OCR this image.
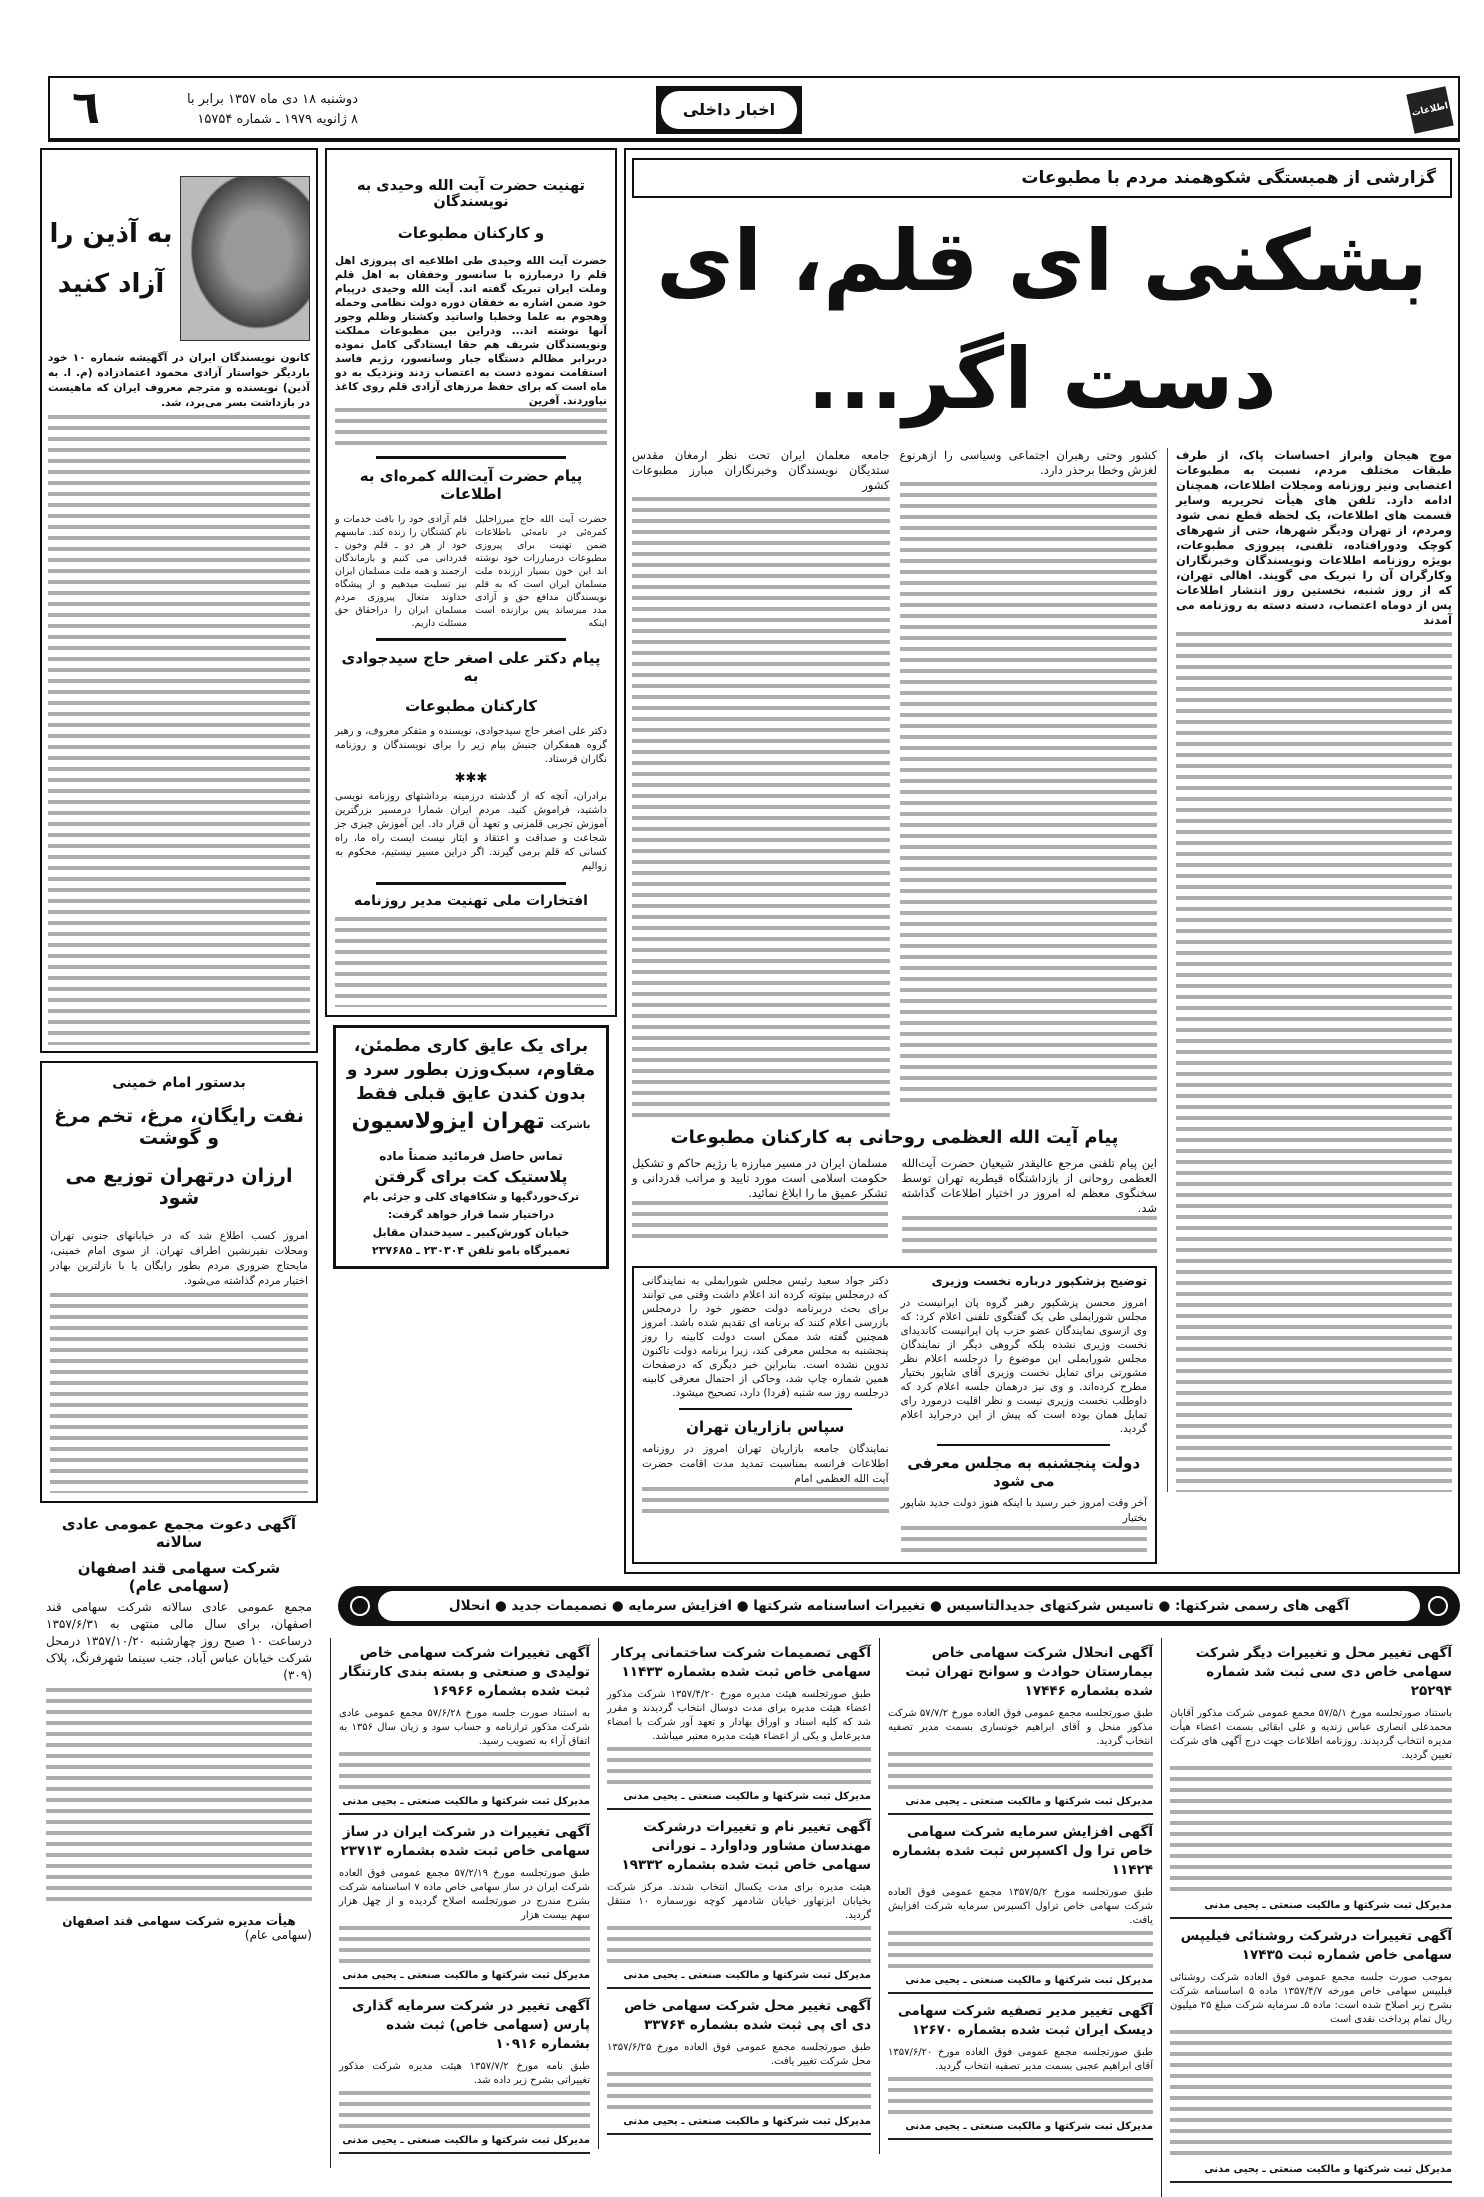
٦	دوشنبه ۱۸ دی ماه ۱۳۵۷ برابر با
۸ ژانویه ۱۹۷۹ ـ شماره ۱۵۷۵۴
اخبار داخلی	اطلاعات
گزارشی از همبستگی شکوهمند مردم با مطبوعات
بشکنی ای قلم، ای دست اگر...
موج هیجان وابراز احساسات پاک، از طرف طبقات مختلف مردم، نسبت به مطبوعات اعتصابی ونیز روزنامه ومجلات اطلاعات، همچنان ادامه دارد. تلفن های هیأت تحریریه وسایر قسمت های اطلاعات، یک لحظه قطع نمی شود ومردم، از تهران ودیگر شهرها، حتی از شهرهای کوچک ودورافتاده، تلفنی، پیروزی مطبوعات، بویژه روزنامه اطلاعات ونویسندگان وخبرنگاران وکارگران آن را تبریک می گویند. اهالی تهران، که از روز شنبه، نخستین روز انتشار اطلاعات پس از دوماه اعتصاب، دسته دسته به روزنامه می آمدند
کشور وحتی رهبران اجتماعی وسیاسی را ازهرنوع لغزش وخطا برحذر دارد.
جامعه معلمان ایران تحت نظر ارمغان مقدس ستدیگان نویسندگان وخبرنگاران مبارز مطبوعات کشور
پیام آیت الله العظمی روحانی به کارکنان مطبوعات
این پیام تلفنی مرجع عالیقدر شیعیان حضرت آیت‌الله العظمی روحانی از بازداشتگاه قیطریه تهران توسط سخنگوی معظم له امروز در اختیار اطلاعات گذاشته شد.
مسلمان ایران در مسیر مبارزه با رژیم حاکم و تشکیل حکومت اسلامی است مورد تایید و مراتب قدردانی و تشکر عمیق ما را ابلاغ نمائید.
توضیح پزشکپور درباره نخست وزیری
امروز محسن پزشکپور رهبر گروه پان ایرانیست در مجلس شورایملی طی یک گفتگوی تلفنی اعلام کرد: که وی ازسوی نمایندگان عضو حزب پان ایرانیست کاندیدای نخست وزیری نشده بلکه گروهی دیگر از نمایندگان مجلس شورایملی این موضوع را درجلسه اعلام نظر مشورتی برای تمایل نخست وزیری آقای شاپور بختیار مطرح کرده‌اند. و وی نیز درهمان جلسه اعلام کرد که داوطلب نخست وزیری نیست و نظر اقلیت درمورد رای تمایل همان بوده است که پیش از این درجراید اعلام گردید.
دولت پنجشنبه به مجلس معرفی می شود
آخر وقت امروز خبر رسید با اینکه هنوز دولت جدید شاپور بختیار
دکتر جواد سعید رئیس مجلس شورایملی به نمایندگانی که درمجلس بیتوته کرده اند اعلام داشت وقتی می توانند برای بحث دربرنامه دولت حضور خود را درمجلس بازرسی اعلام کنند که برنامه ای تقدیم شده باشد. امروز همچنین گفته شد ممکن است دولت کابینه را روز پنجشنبه به مجلس معرفی کند، زیرا برنامه دولت تاکنون تدوین نشده است. بنابراین خبر دیگری که درصفحات همین شماره چاپ شد، وحاکی از احتمال معرفی کابینه درجلسه روز سه شنبه (فردا) دارد، تصحیح میشود.
سپاس بازاریان تهران
نمایندگان جامعه بازاریان تهران امروز در روزنامه اطلاعات فرانسه بمناسبت تمدید مدت اقامت حضرت آیت الله العظمی امام
به آذین را
آزاد کنید
کانون نویسندگان ایران در آگهیشه شماره ۱۰ خود باردیگر خواستار آزادی محمود اعتمادزاده (م. ا. به آذین) نویسنده و مترجم معروف ایران که ماهیست در بازداشت بسر می‌برد، شد.
بدستور امام خمینی
نفت رایگان، مرغ، تخم مرغ و گوشت
ارزان درتهران توزیع می شود
امروز کسب اطلاع شد که در خیابانهای جنوبی تهران ومحلات نفیرنشین اطراف تهران. از سوی امام خمینی، مایحتاج ضروری مردم بطور رایگان یا با نازلترین بهادر اختیار مردم گذاشته می‌شود.
آگهی دعوت مجمع عمومی عادی سالانه
شرکت سهامی قند اصفهان (سهامی عام)
مجمع عمومی عادی سالانه شرکت سهامی قند اصفهان، برای سال مالی منتهی به ۱۳۵۷/۶/۳۱ درساعت ۱۰ صبح روز چهارشنبه ۱۳۵۷/۱۰/۲۰ درمحل شرکت خیابان عباس آباد، جنب سینما شهرفرنگ، پلاک (۳۰۹)
هیأت مدیره شرکت سهامی قند اصفهان
(سهامی عام)
تهنیت حضرت آیت الله وحیدی به نویسندگان
و کارکنان مطبوعات
حضرت آیت الله وحیدی طی اطلاعیه ای پیروزی اهل قلم را درمبارزه با سانسور وخفقان به اهل قلم وملت ایران تبریک گفته اند. آیت الله وحیدی درپیام خود ضمن اشاره به خفقان دوره دولت نظامی وحمله وهجوم به علما وخطبا واساتید وکشتار وظلم وجور آنها نوشته اند... ودراین بین مطبوعات مملکت ونویسندگان شریف هم حقا ایستادگی کامل نموده دربرابر مظالم دستگاه جبار وسانسور، رژیم فاسد استقامت نموده دست به اعتصاب زدند ونزدیک به دو ماه است که برای حفظ مرزهای آزادی قلم روی کاغذ نیاوردند. آفرین
پیام حضرت آیت‌الله کمره‌ای به اطلاعات
حضرت آیت الله حاج میرزاخلیل کمره‌ئی در نامه‌ئی باطلاعات ضمن تهنیت برای پیروزی مطبوعات درمبارزات خود نوشته اند این خون بسیار ارزنده ملت مسلمان ایران است که به قلم نویسندگان مدافع حق و آزادی مدد میرساند پس برازنده است اینکه
قلم آزادی خود را بافت خدمات و نام کشتگان را زنده کند. مابسهم خود از هر دو ـ قلم وخون ـ قدردانی می کنیم و بازماندگان ارجمند و همه ملت مسلمان ایران نیز تسلیت میدهیم و از پیشگاه خداوند متعال پیروزی مردم مسلمان ایران را دراحقاق حق مسئلت داریم.
پیام دکتر علی اصغر حاج سیدجوادی به
کارکنان مطبوعات
دکتر علی اصغر حاج سیدجوادی، نویسنده و متفکر معروف، و رهبر گروه همفکران جنبش پیام زیر را برای نویسندگان و روزنامه نگاران فرستاد.
✱✱✱
برادران، آنچه که از گذشته درزمینه برداشتهای روزنامه نویسی داشتید، فراموش کنید. مردم ایران شمارا درمسیر بزرگترین آموزش تجربی قلمزنی و تعهد آن قرار داد. این آموزش چیزی جز شجاعت و صداقت و اعتقاد و ایثار نیست ایست راه ما، راه کسانی که قلم برمی گیرند. اگر دراین مسیر نیستیم، محکوم به زوالیم
افتخارات ملی تهنیت مدیر روزنامه
برای یک عایق کاری مطمئن،
مقاوم، سبک‌وزن بطور سرد و
بدون کندن عایق قبلی فقط
باشرکت تهران ایزولاسیون
تماس حاصل فرمائید ضمناً ماده
پلاستیک کت برای گرفتن
ترک‌خوردگیها و شکافهای کلی و جزئی بام
دراختیار شما قرار خواهد گرفت:
خیابان کورش‌کبیر ـ سیدخندان مقابل
تعمیرگاه بامو تلفن ۲۳۰۳۰۴ ـ ۲۳۷۶۸۵
آگهی های رسمی شرکتها: ● تاسیس شرکتهای جدیدالتاسیس ● تغییرات اساسنامه شرکتها ● افزایش سرمایه ● تصمیمات جدید ● انحلال
آگهی تغییر محل و تغییرات دیگر شرکت سهامی خاص دی سی ثبت شد شماره ۲۵۲۹۴
باستناد صورتجلسه مورخ ۵۷/۵/۱ مجمع عمومی شرکت مذکور آقایان محمدعلی انصاری عباس زندیه و علی ابقائی بسمت اعضاء هیأت مدیره انتخاب گردیدند. روزنامه اطلاعات جهت درج آگهی های شرکت تعیین گردید.
مدیرکل ثبت شرکتها و مالکیت صنعتی ـ یحیی مدنی
آگهی تغییرات درشرکت روشنائی فیلیپس سهامی خاص شماره ثبت ۱۷۴۳۵
بموجب صورت جلسه مجمع عمومی فوق العاده شرکت روشنائی فیلیپس سهامی خاص مورخه ۱۳۵۷/۴/۷ ماده ۵ اساسنامه شرکت بشرح زیر اصلاح شده است: ماده ۵ـ سرمایه شرکت مبلغ ۲۵ میلیون ریال تمام پرداخت نقدی است
مدیرکل ثبت شرکتها و مالکیت صنعتی ـ یحیی مدنی
آگهی انحلال شرکت سهامی خاص بیمارستان حوادث و سوانح تهران ثبت شده بشماره ۱۷۴۴۶
طبق صورتجلسه مجمع عمومی فوق العاده مورخ ۵۷/۷/۲ شرکت مذکور منحل و آقای ابراهیم خونساری بسمت مدیر تصفیه انتخاب گردید.
مدیرکل ثبت شرکتها و مالکیت صنعتی ـ یحیی مدنی
آگهی افزایش سرمایه شرکت سهامی خاص ترا ول اکسپرس ثبت شده بشماره ۱۱۴۲۴
طبق صورتجلسه مورخ ۱۳۵۷/۵/۲ مجمع عمومی فوق العاده شرکت سهامی خاص تراول اکسپرس سرمایه شرکت افزایش یافت.
مدیرکل ثبت شرکتها و مالکیت صنعتی ـ یحیی مدنی
آگهی تغییر مدیر تصفیه شرکت سهامی دیسک ایران ثبت شده بشماره ۱۲۶۷۰
طبق صورتجلسه مجمع عمومی فوق العاده مورخ ۱۳۵۷/۶/۲۰ آقای ابراهیم عجبی بسمت مدیر تصفیه انتخاب گردید.
مدیرکل ثبت شرکتها و مالکیت صنعتی ـ یحیی مدنی
آگهی تصمیمات شرکت ساختمانی پرکار سهامی خاص ثبت شده بشماره ۱۱۴۳۳
طبق صورتجلسه هیئت مدیره مورخ ۱۳۵۷/۴/۲۰ شرکت مذکور اعضاء هیئت مدیره برای مدت دوسال انتخاب گردیدند و مقرر شد که کلیه اسناد و اوراق بهادار و تعهد آور شرکت با امضاء مدیرعامل و یکی از اعضاء هیئت مدیره معتبر میباشد.
مدیرکل ثبت شرکتها و مالکیت صنعتی ـ یحیی مدنی
آگهی تغییر نام و تغییرات درشرکت مهندسان مشاور وداوارد ـ نورانی سهامی خاص ثبت شده بشماره ۱۹۳۳۲
هیئت مدیره برای مدت یکسال انتخاب شدند. مرکز شرکت بخیابان ابزنهاور خیابان شادمهر کوچه نورسماره ۱۰ منتقل گردید.
مدیرکل ثبت شرکتها و مالکیت صنعتی ـ یحیی مدنی
آگهی تغییر محل شرکت سهامی خاص دی ای پی ثبت شده بشماره ۳۳۷۶۴
طبق صورتجلسه مجمع عمومی فوق العاده مورخ ۱۳۵۷/۶/۲۵ محل شرکت تغییر یافت.
مدیرکل ثبت شرکتها و مالکیت صنعتی ـ یحیی مدنی
آگهی تغییرات شرکت سهامی خاص تولیدی و صنعتی و بسته بندی کارتنگار ثبت شده بشماره ۱۶۹۶۶
به استناد صورت جلسه مورخ ۵۷/۶/۲۸ مجمع عمومی عادی شرکت مذکور ترازنامه و حساب سود و زیان سال ۱۳۵۶ به اتفاق آراء به تصویب رسید.
مدیرکل ثبت شرکتها و مالکیت صنعتی ـ یحیی مدنی
آگهی تغییرات در شرکت ایران در ساز سهامی خاص ثبت شده بشماره ۲۳۷۱۳
طبق صورتجلسه مورخ ۵۷/۲/۱۹ مجمع عمومی فوق العاده شرکت ایران در ساز سهامی خاص ماده ۷ اساسنامه شرکت بشرح مندرج در صورتجلسه اصلاح گردیده و از چهل هزار سهم بیست هزار
مدیرکل ثبت شرکتها و مالکیت صنعتی ـ یحیی مدنی
آگهی تغییر در شرکت سرمایه گذاری پارس (سهامی خاص) ثبت شده بشماره ۱۰۹۱۶
طبق نامه مورخ ۱۳۵۷/۷/۲ هیئت مدیره شرکت مذکور تغییراتی بشرح زیر داده شد.
مدیرکل ثبت شرکتها و مالکیت صنعتی ـ یحیی مدنی
